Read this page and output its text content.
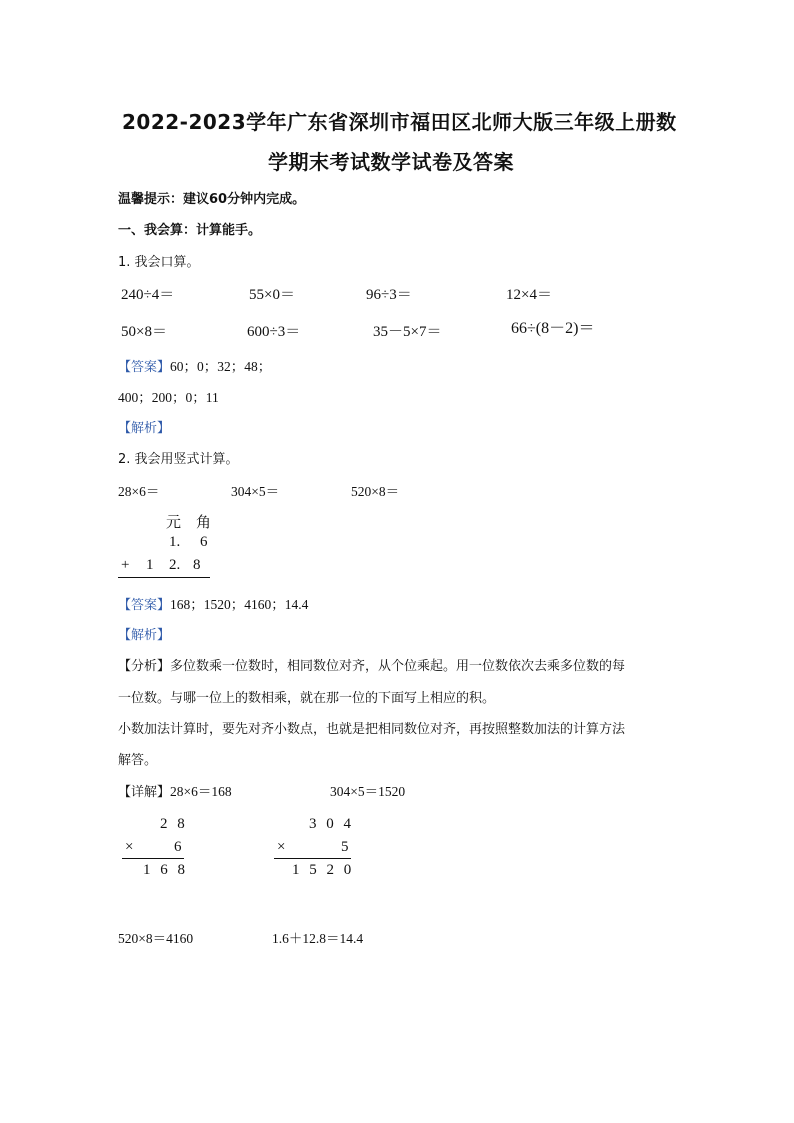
2022-2023学年广东省深圳市福田区北师大版三年级上册数
学期末考试数学试卷及答案
温馨提示：建议60分钟内完成。
一、我会算：计算能手。
1. 我会口算。
240÷4＝	55×0＝	96÷3＝	12×4＝
50×8＝	600÷3＝	35－5×7＝	66÷(8－2)＝
【答案】60；0；32；48；
400；200；0；11
【解析】
2. 我会用竖式计算。
28×6＝	304×5＝	520×8＝
元 角
1. 6
+ 1 2. 8
【答案】168；1520；4160；14.4
【解析】
【分析】多位数乘一位数时，相同数位对齐，从个位乘起。用一位数依次去乘多位数的每
一位数。与哪一位上的数相乘，就在那一位的下面写上相应的积。
小数加法计算时，要先对齐小数点，也就是把相同数位对齐，再按照整数加法的计算方法
解答。
【详解】28×6＝168	304×5＝1520
2 8
×	6
1 6 8
3 0 4
×	5
1 5 2 0
520×8＝4160	1.6＋12.8＝14.4
